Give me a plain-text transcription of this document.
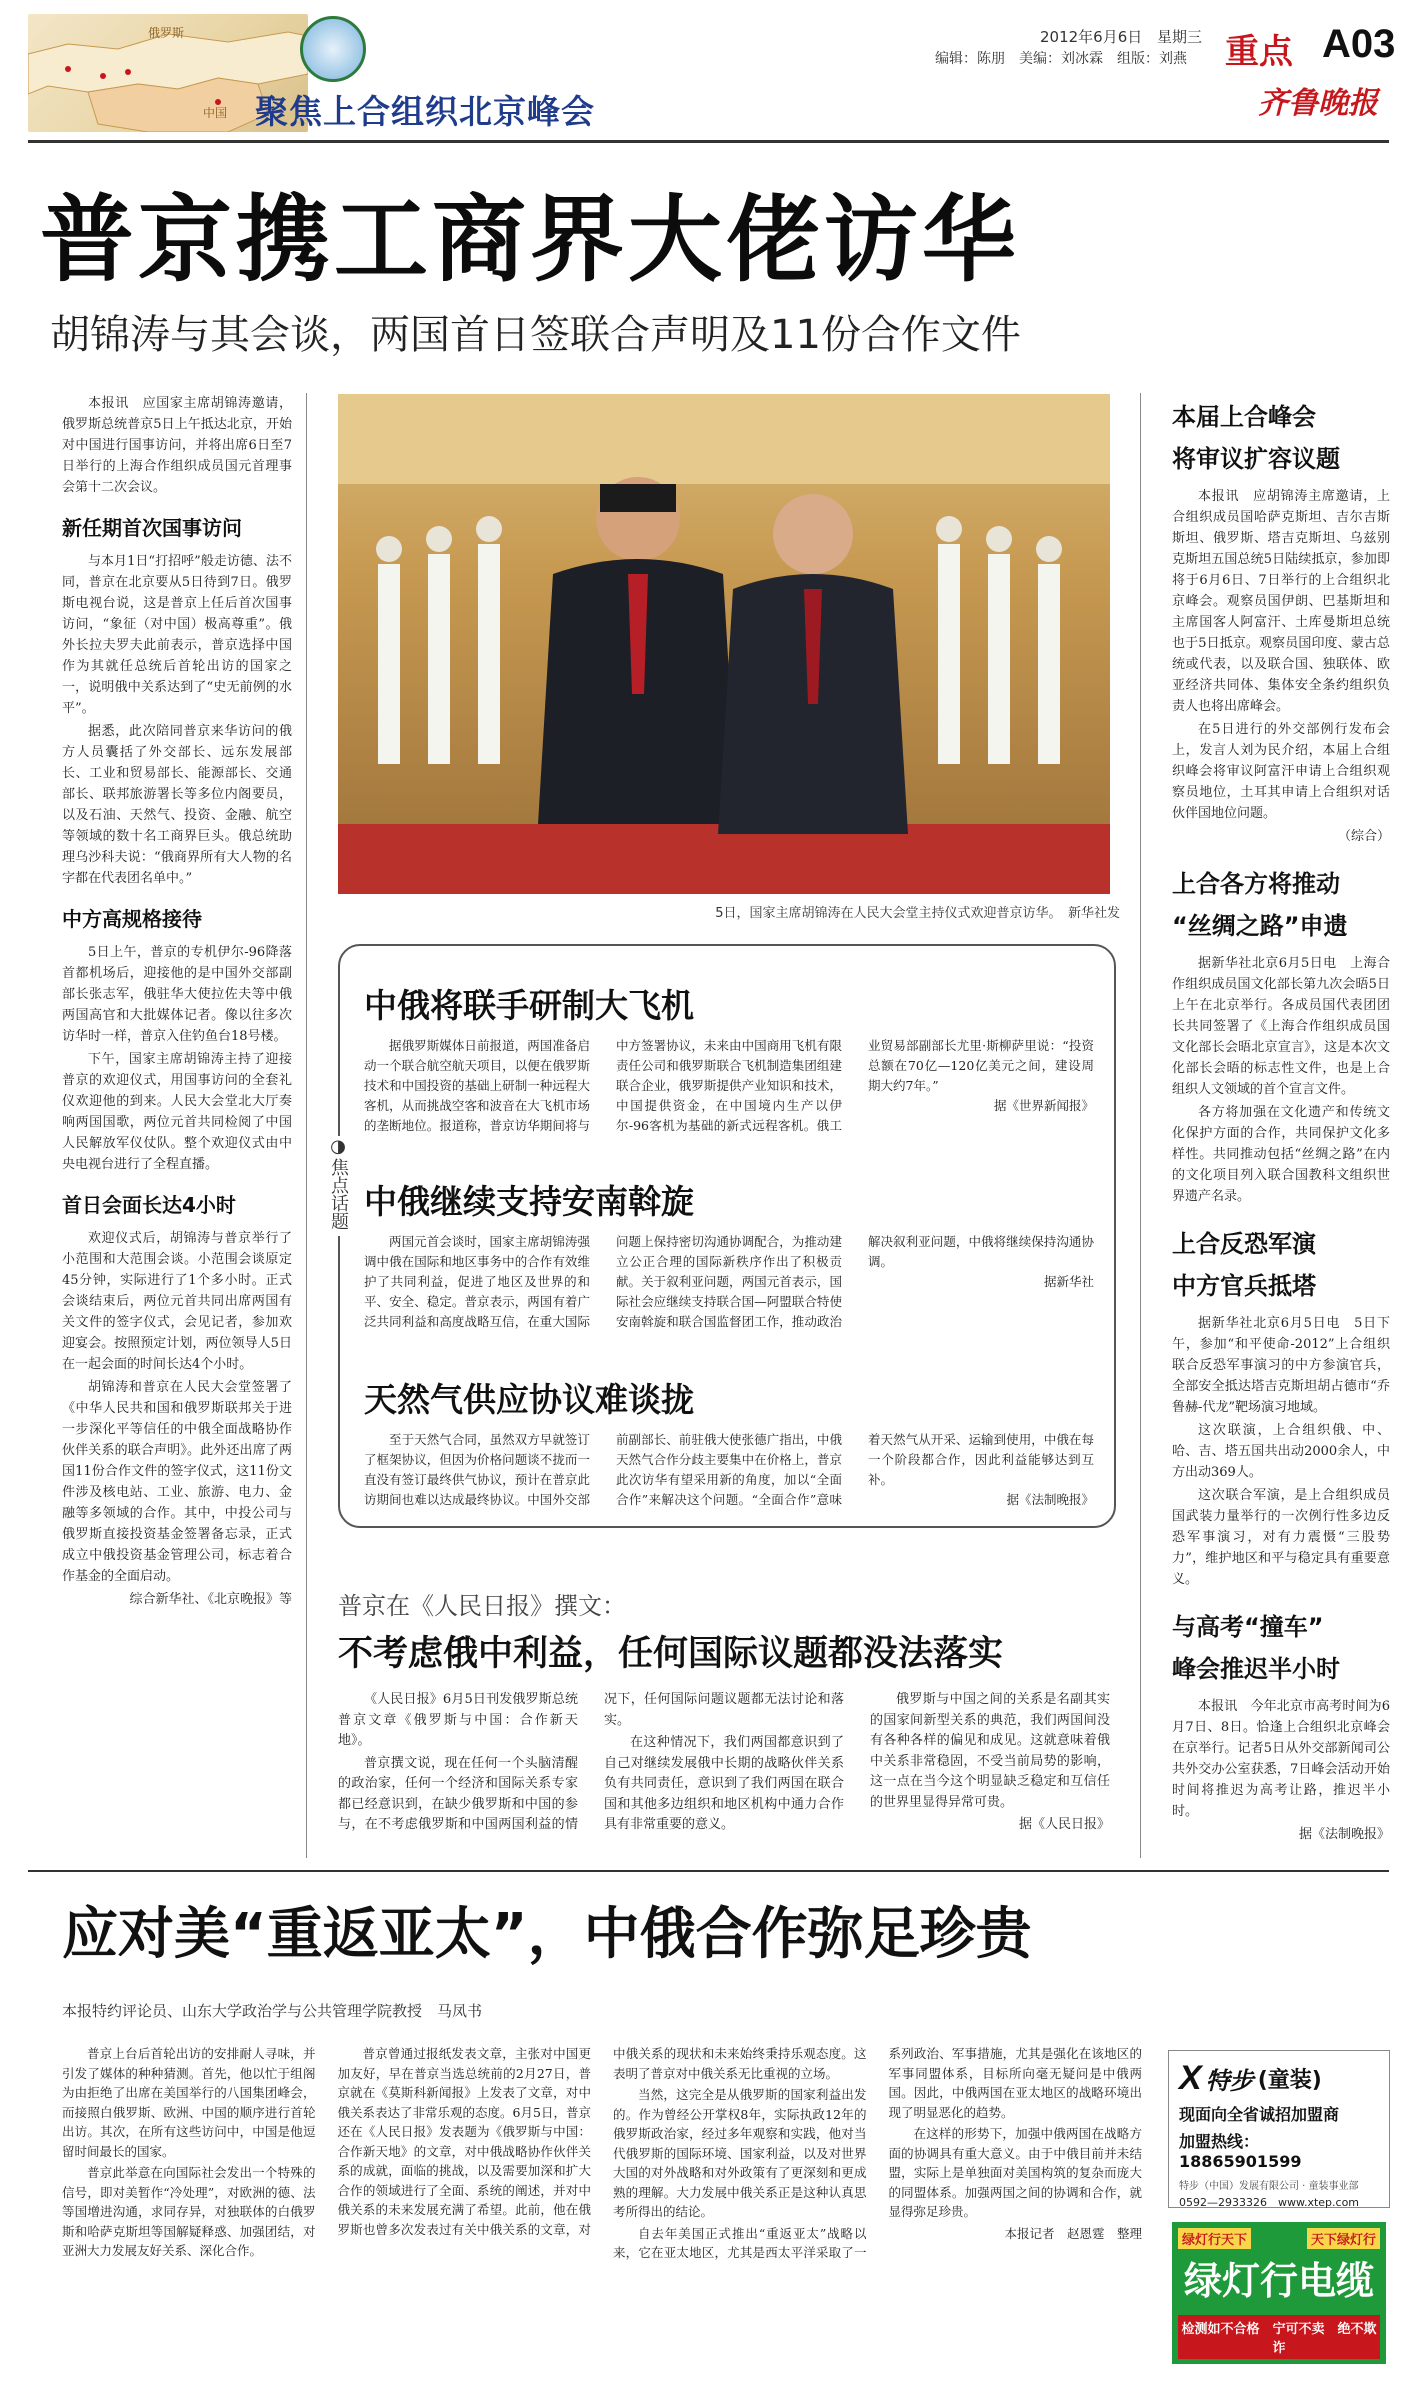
俄罗斯
中国 聚焦上合组织北京峰会
2012年6月6日 星期三
编辑：陈朋　美编：刘冰霖　组版：刘燕 重点 A03
齐鲁晚报
普京携工商界大佬访华
胡锦涛与其会谈，两国首日签联合声明及11份合作文件
本报讯　应国家主席胡锦涛邀请，俄罗斯总统普京5日上午抵达北京，开始对中国进行国事访问，并将出席6日至7日举行的上海合作组织成员国元首理事会第十二次会议。
新任期首次国事访问

与本月1日“打招呼”般走访德、法不同，普京在北京要从5日待到7日。俄罗斯电视台说，这是普京上任后首次国事访问，“象征（对中国）极高尊重”。俄外长拉夫罗夫此前表示，普京选择中国作为其就任总统后首轮出访的国家之一，说明俄中关系达到了“史无前例的水平”。

据悉，此次陪同普京来华访问的俄方人员囊括了外交部长、远东发展部长、工业和贸易部长、能源部长、交通部长、联邦旅游署长等多位内阁要员，以及石油、天然气、投资、金融、航空等领域的数十名工商界巨头。俄总统助理乌沙科夫说：“俄商界所有大人物的名字都在代表团名单中。”

中方高规格接待

5日上午，普京的专机伊尔-96降落首都机场后，迎接他的是中国外交部副部长张志军，俄驻华大使拉佐夫等中俄两国高官和大批媒体记者。像以往多次访华时一样，普京入住钓鱼台18号楼。

下午，国家主席胡锦涛主持了迎接普京的欢迎仪式，用国事访问的全套礼仪欢迎他的到来。人民大会堂北大厅奏响两国国歌，两位元首共同检阅了中国人民解放军仪仗队。整个欢迎仪式由中央电视台进行了全程直播。

首日会面长达4小时

欢迎仪式后，胡锦涛与普京举行了小范围和大范围会谈。小范围会谈原定45分钟，实际进行了1个多小时。正式会谈结束后，两位元首共同出席两国有关文件的签字仪式，会见记者，参加欢迎宴会。按照预定计划，两位领导人5日在一起会面的时间长达4个小时。

胡锦涛和普京在人民大会堂签署了《中华人民共和国和俄罗斯联邦关于进一步深化平等信任的中俄全面战略协作伙伴关系的联合声明》。此外还出席了两国11份合作文件的签字仪式，这11份文件涉及核电站、工业、旅游、电力、金融等多领域的合作。其中，中投公司与俄罗斯直接投资基金签署备忘录，正式成立中俄投资基金管理公司，标志着合作基金的全面启动。

综合新华社、《北京晚报》等

5日，国家主席胡锦涛在人民大会堂主持仪式欢迎普京访华。　新华社发
◑
焦点话题
中俄将联手研制大飞机
据俄罗斯媒体日前报道，两国准备启动一个联合航空航天项目，以便在俄罗斯技术和中国投资的基础上研制一种远程大客机，从而挑战空客和波音在大飞机市场的垄断地位。报道称，普京访华期间将与中方签署协议，未来由中国商用飞机有限责任公司和俄罗斯联合飞机制造集团组建联合企业，俄罗斯提供产业知识和技术，中国提供资金，在中国境内生产以伊尔-96客机为基础的新式远程客机。俄工业贸易部副部长尤里·斯柳萨里说：“投资总额在70亿—120亿美元之间，建设周期大约7年。”
据《世界新闻报》
中俄继续支持安南斡旋
两国元首会谈时，国家主席胡锦涛强调中俄在国际和地区事务中的合作有效维护了共同利益，促进了地区及世界的和平、安全、稳定。普京表示，两国有着广泛共同利益和高度战略互信，在重大国际问题上保持密切沟通协调配合，为推动建立公正合理的国际新秩序作出了积极贡献。关于叙利亚问题，两国元首表示，国际社会应继续支持联合国—阿盟联合特使安南斡旋和联合国监督团工作，推动政治解决叙利亚问题，中俄将继续保持沟通协调。
据新华社
天然气供应协议难谈拢
至于天然气合同，虽然双方早就签订了框架协议，但因为价格问题谈不拢而一直没有签订最终供气协议，预计在普京此访期间也难以达成最终协议。中国外交部前副部长、前驻俄大使张德广指出，中俄天然气合作分歧主要集中在价格上，普京此次访华有望采用新的角度，加以“全面合作”来解决这个问题。“全面合作”意味着天然气从开采、运输到使用，中俄在每一个阶段都合作，因此利益能够达到互补。
据《法制晚报》
普京在《人民日报》撰文：
不考虑俄中利益，任何国际议题都没法落实

《人民日报》6月5日刊发俄罗斯总统普京文章《俄罗斯与中国：合作新天地》。

普京撰文说，现在任何一个头脑清醒的政治家，任何一个经济和国际关系专家都已经意识到，在缺少俄罗斯和中国的参与，在不考虑俄罗斯和中国两国利益的情况下，任何国际问题议题都无法讨论和落实。

在这种情况下，我们两国都意识到了自己对继续发展俄中长期的战略伙伴关系负有共同责任，意识到了我们两国在联合国和其他多边组织和地区机构中通力合作具有非常重要的意义。

俄罗斯与中国之间的关系是名副其实的国家间新型关系的典范，我们两国间没有各种各样的偏见和成见。这就意味着俄中关系非常稳固，不受当前局势的影响，这一点在当今这个明显缺乏稳定和互信任的世界里显得异常可贵。

据《人民日报》

本届上合峰会
将审议扩容议题

本报讯　应胡锦涛主席邀请，上合组织成员国哈萨克斯坦、吉尔吉斯斯坦、俄罗斯、塔吉克斯坦、乌兹别克斯坦五国总统5日陆续抵京，参加即将于6月6日、7日举行的上合组织北京峰会。观察员国伊朗、巴基斯坦和主席国客人阿富汗、土库曼斯坦总统也于5日抵京。观察员国印度、蒙古总统或代表，以及联合国、独联体、欧亚经济共同体、集体安全条约组织负责人也将出席峰会。

在5日进行的外交部例行发布会上，发言人刘为民介绍，本届上合组织峰会将审议阿富汗申请上合组织观察员地位，土耳其申请上合组织对话伙伴国地位问题。

（综合）

上合各方将推动
“丝绸之路”申遗

据新华社北京6月5日电　上海合作组织成员国文化部长第九次会晤5日上午在北京举行。各成员国代表团团长共同签署了《上海合作组织成员国文化部长会晤北京宣言》，这是本次文化部长会晤的标志性文件，也是上合组织人文领域的首个宣言文件。

各方将加强在文化遗产和传统文化保护方面的合作，共同保护文化多样性。共同推动包括“丝绸之路”在内的文化项目列入联合国教科文组织世界遗产名录。

上合反恐军演
中方官兵抵塔

据新华社北京6月5日电　5日下午，参加“和平使命-2012”上合组织联合反恐军事演习的中方参演官兵，全部安全抵达塔吉克斯坦胡占德市“乔鲁赫-代龙”靶场演习地域。

这次联演，上合组织俄、中、哈、吉、塔五国共出动2000余人，中方出动369人。

这次联合军演，是上合组织成员国武装力量举行的一次例行性多边反恐军事演习，对有力震慑“三股势力”，维护地区和平与稳定具有重要意义。

与高考“撞车”
峰会推迟半小时

本报讯　今年北京市高考时间为6月7日、8日。恰逢上合组织北京峰会在京举行。记者5日从外交部新闻司公共外交办公室获悉，7日峰会活动开始时间将推迟为高考让路，推迟半小时。

据《法制晚报》

应对美“重返亚太”，中俄合作弥足珍贵
本报特约评论员、山东大学政治学与公共管理学院教授　马凤书

普京上台后首轮出访的安排耐人寻味，并引发了媒体的种种猜测。首先，他以忙于组阁为由拒绝了出席在美国举行的八国集团峰会，而接照白俄罗斯、欧洲、中国的顺序进行首轮出访。其次，在所有这些访问中，中国是他逗留时间最长的国家。

普京此举意在向国际社会发出一个特殊的信号，即对美暂作“冷处理”，对欧洲的德、法等国增进沟通，求同存异，对独联体的白俄罗斯和哈萨克斯坦等国解疑释惑、加强团结，对亚洲大力发展友好关系、深化合作。

普京曾通过报纸发表文章，主张对中国更加友好，早在普京当选总统前的2月27日，普京就在《莫斯科新闻报》上发表了文章，对中俄关系表达了非常乐观的态度。6月5日，普京还在《人民日报》发表题为《俄罗斯与中国：合作新天地》的文章，对中俄战略协作伙伴关系的成就，面临的挑战，以及需要加深和扩大合作的领域进行了全面、系统的阐述，并对中俄关系的未来发展充满了希望。此前，他在俄罗斯也曾多次发表过有关中俄关系的文章，对中俄关系的现状和未来始终秉持乐观态度。这表明了普京对中俄关系无比重视的立场。

当然，这完全是从俄罗斯的国家利益出发的。作为曾经公开掌权8年，实际执政12年的俄罗斯政治家，经过多年观察和实践，他对当代俄罗斯的国际环境、国家利益，以及对世界大国的对外战略和对外政策有了更深刻和更成熟的理解。大力发展中俄关系正是这种认真思考所得出的结论。

自去年美国正式推出“重返亚太”战略以来，它在亚太地区，尤其是西太平洋采取了一系列政治、军事措施，尤其是强化在该地区的军事同盟体系，目标所向毫无疑问是中俄两国。因此，中俄两国在亚太地区的战略环境出现了明显恶化的趋势。

在这样的形势下，加强中俄两国在战略方面的协调具有重大意义。由于中俄目前并未结盟，实际上是单独面对美国构筑的复杂而庞大的同盟体系。加强两国之间的协调和合作，就显得弥足珍贵。

本报记者　赵恩霆　整理

X 特步 (童装)
现面向全省诚招加盟商
加盟热线：18865901599
特步（中国）发展有限公司 · 童装事业部
0592—2933326　www.xtep.com
绿灯行天下	天下绿灯行
绿灯行电缆
检测如不合格　宁可不卖　绝不欺诈
